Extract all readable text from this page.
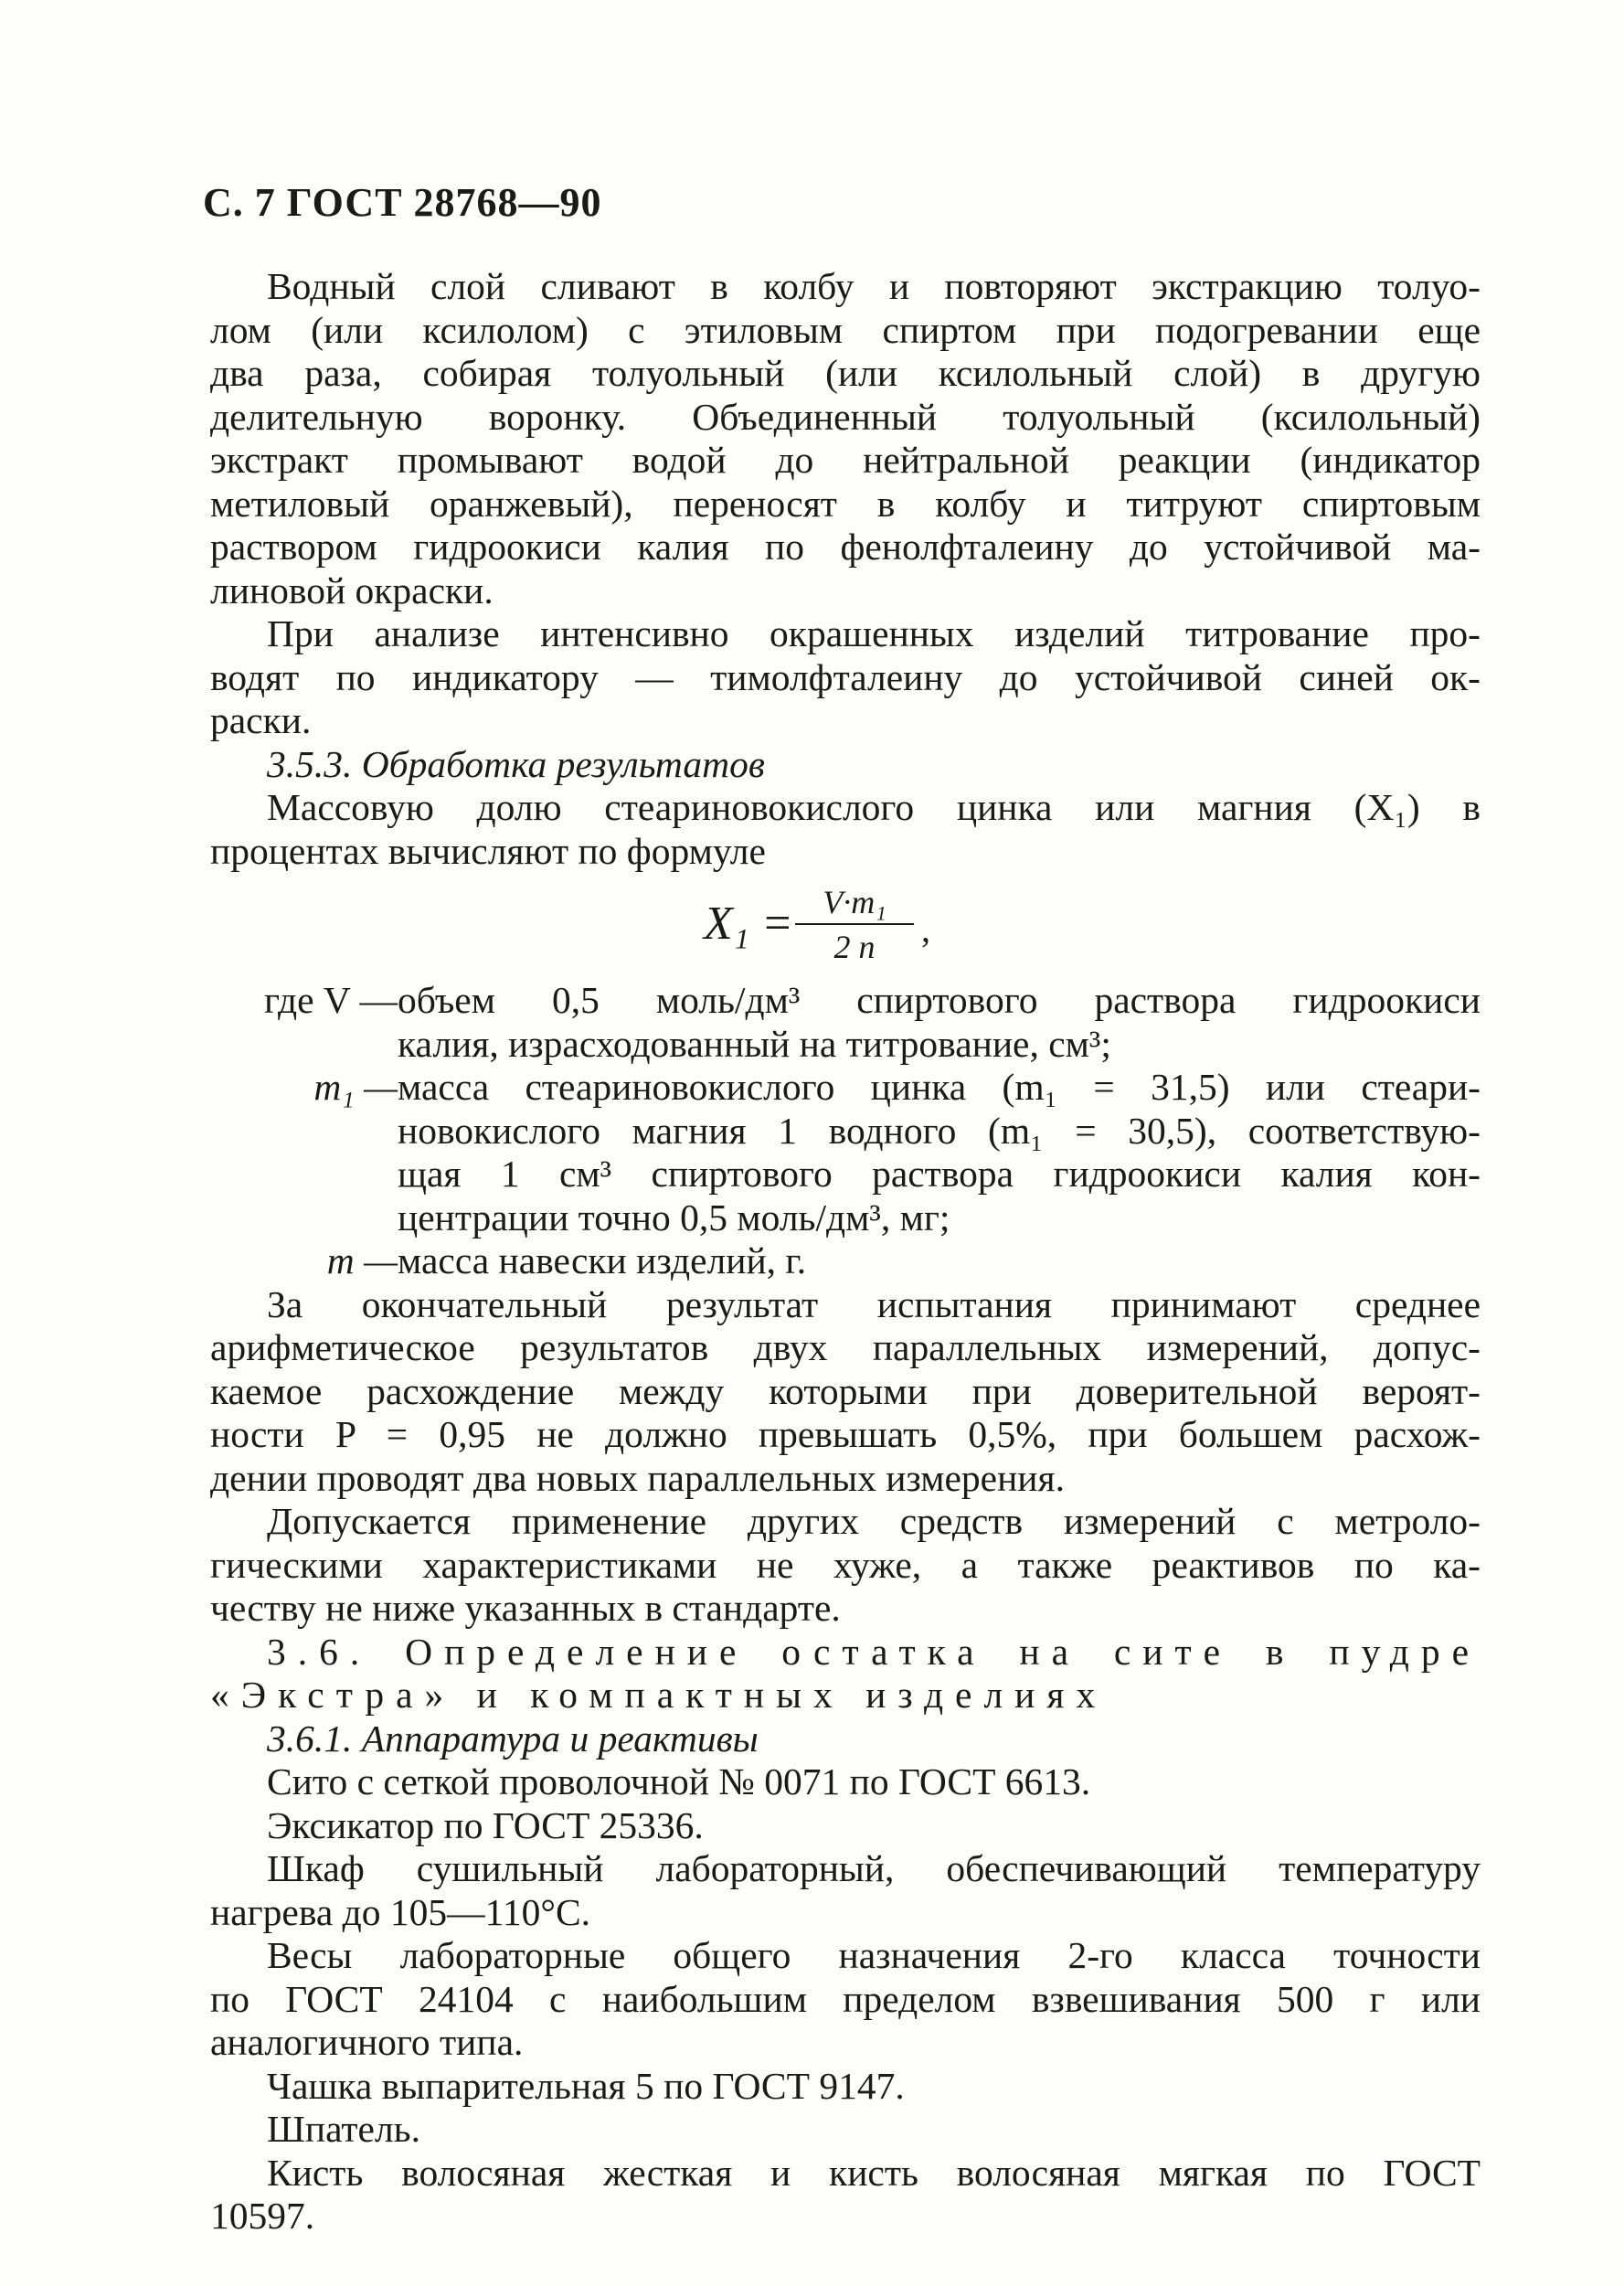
С. 7 ГОСТ 28768—90

Водный слой сливают в колбу и повторяют экстракцию толуо-

лом (или ксилолом) с этиловым спиртом при подогревании еще

два раза, собирая толуольный (или ксилольный слой) в другую

делительную воронку. Объединенный толуольный (ксилольный)

экстракт промывают водой до нейтральной реакции (индикатор

метиловый оранжевый), переносят в колбу и титруют спиртовым

раствором гидроокиси калия по фенолфталеину до устойчивой ма-

линовой окраски.

При анализе интенсивно окрашенных изделий титрование про-

водят по индикатору — тимолфталеину до устойчивой синей ок-

раски.

3.5.3. Обработка результатов

Массовую долю стеариновокислого цинка или магния (X₁) в

процентах вычисляют по формуле

X₁ = V·m₁
2 n	,
где V — объем 0,5 моль/дм³ спиртового раствора гидроокиси

калия, израсходованный на титрование, см³;

m₁ — масса стеариновокислого цинка (m₁ = 31,5) или стеари-

новокислого магния 1 водного (m₁ = 30,5), соответствую-

щая 1 см³ спиртового раствора гидроокиси калия кон-

центрации точно 0,5 моль/дм³, мг;

m — масса навески изделий, г.

За окончательный результат испытания принимают среднее

арифметическое результатов двух параллельных измерений, допус-

каемое расхождение между которыми при доверительной вероят-

ности P = 0,95 не должно превышать 0,5%, при большем расхож-

дении проводят два новых параллельных измерения.

Допускается применение других средств измерений с метроло-

гическими характеристиками не хуже, а также реактивов по ка-

честву не ниже указанных в стандарте.

3.6. Определение остатка на сите в пудре

«Экстра» и компактных изделиях

3.6.1. Аппаратура и реактивы

Сито с сеткой проволочной № 0071 по ГОСТ 6613.

Эксикатор по ГОСТ 25336.

Шкаф сушильный лабораторный, обеспечивающий температуру

нагрева до 105—110°С.

Весы лабораторные общего назначения 2-го класса точности

по ГОСТ 24104 с наибольшим пределом взвешивания 500 г или

аналогичного типа.

Чашка выпарительная 5 по ГОСТ 9147.

Шпатель.

Кисть волосяная жесткая и кисть волосяная мягкая по ГОСТ

10597.
